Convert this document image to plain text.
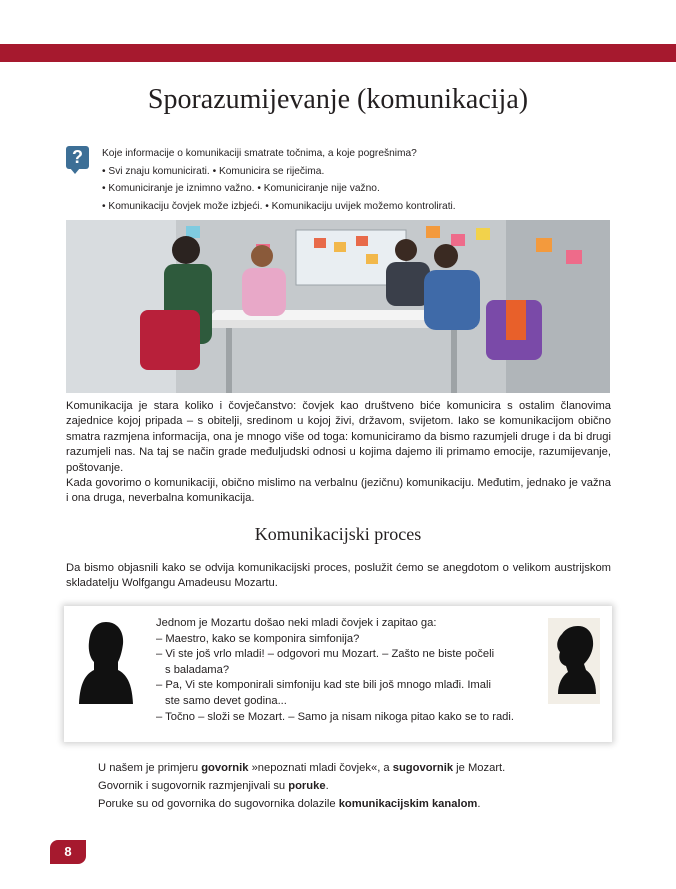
Sporazumijevanje (komunikacija)
?	Koje informacije o komunikaciji smatrate točnima, a koje pogrešnima?
• Svi znaju komunicirati. • Komunicira se riječima.
• Komuniciranje je iznimno važno. • Komuniciranje nije važno.
• Komunikaciju čovjek može izbjeći. • Komunikaciju uvijek možemo kontrolirati.

Komunikacija je stara koliko i čovječanstvo: čovjek kao društveno biće komunicira s ostalim članovima zajednice kojoj pripada – s obitelji, sredinom u kojoj živi, državom, svijetom. Iako se komunikacijom obično smatra razmjena informacija, ona je mnogo više od toga: komuniciramo da bismo razumjeli druge i da bi drugi razumjeli nas. Na taj se način grade međuljudski odnosi u kojima dajemo ili primamo emocije, razumijevanje, poštovanje.

Kada govorimo o komunikaciji, obično mislimo na verbalnu (jezičnu) komunikaciju. Međutim, jednako je važna i ona druga, neverbalna komunikacija.

Komunikacijski proces

Da bismo objasnili kako se odvija komunikacijski proces, poslužit ćemo se anegdotom o velikom austrijskom skladatelju Wolfgangu Amadeusu Mozartu.

Jednom je Mozartu došao neki mladi čovjek i zapitao ga:

– Maestro, kako se komponira simfonija?

– Vi ste još vrlo mladi! – odgovori mu Mozart. – Zašto ne biste počeli

s baladama?

– Pa, Vi ste komponirali simfoniju kad ste bili još mnogo mlađi. Imali

ste samo devet godina...

– Točno – složi se Mozart. – Samo ja nisam nikoga pitao kako se to radi.

U našem je primjeru govornik »nepoznati mladi čovjek«, a sugovornik je Mozart.
Govornik i sugovornik razmjenjivali su poruke.
Poruke su od govornika do sugovornika dolazile komunikacijskim kanalom.
8
